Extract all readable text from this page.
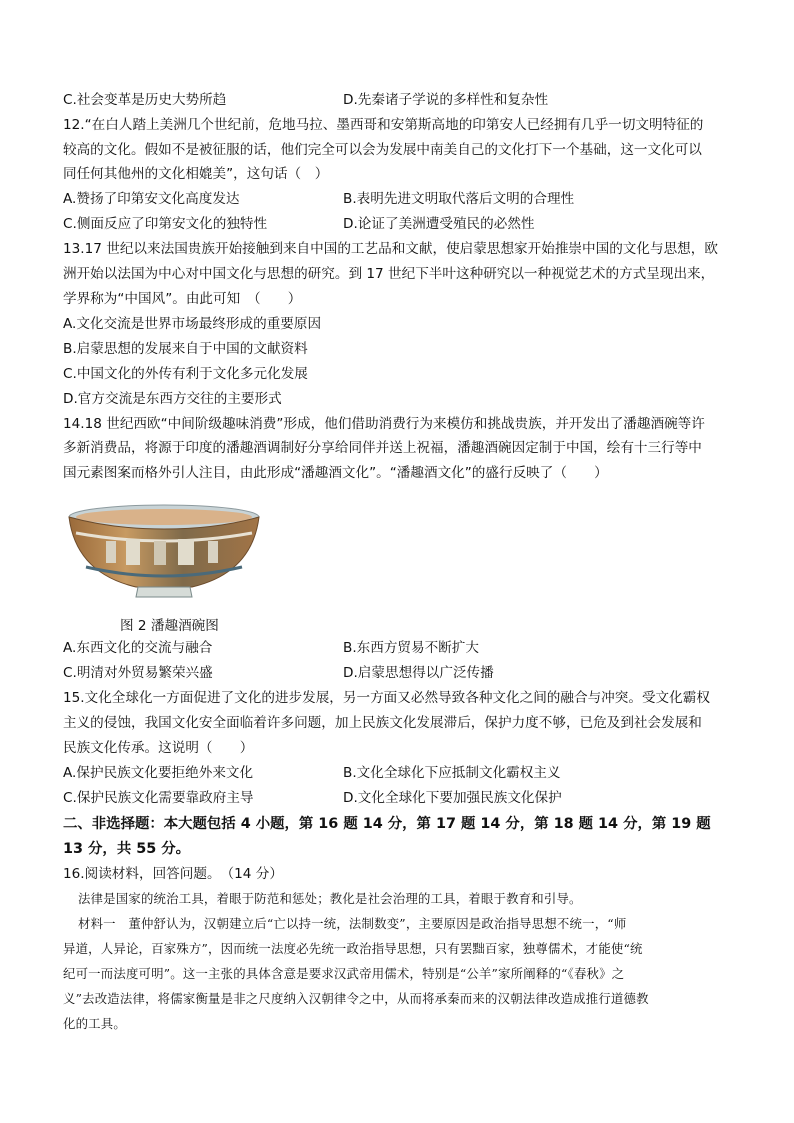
C.社会变革是历史大势所趋	D.先秦诸子学说的多样性和复杂性
12.“在白人踏上美洲几个世纪前，危地马拉、墨西哥和安第斯高地的印第安人已经拥有几乎一切文明特征的
较高的文化。假如不是被征服的话，他们完全可以会为发展中南美自己的文化打下一个基础，这一文化可以
同任何其他州的文化相媲美”，这句话（　）
A.赞扬了印第安文化高度发达	B.表明先进文明取代落后文明的合理性
C.侧面反应了印第安文化的独特性	D.论证了美洲遭受殖民的必然性
13.17 世纪以来法国贵族开始接触到来自中国的工艺品和文献，使启蒙思想家开始推崇中国的文化与思想，欧
洲开始以法国为中心对中国文化与思想的研究。到 17 世纪下半叶这种研究以一种视觉艺术的方式呈现出来，
学界称为“中国风”。由此可知　（　　）
A.文化交流是世界市场最终形成的重要原因
B.启蒙思想的发展来自于中国的文献资料
C.中国文化的外传有利于文化多元化发展
D.官方交流是东西方交往的主要形式
14.18 世纪西欧“中间阶级趣味消费”形成，他们借助消费行为来模仿和挑战贵族，并开发出了潘趣酒碗等许
多新消费品，将源于印度的潘趣酒调制好分享给同伴并送上祝福，潘趣酒碗因定制于中国，绘有十三行等中
国元素图案而格外引人注目，由此形成“潘趣酒文化”。“潘趣酒文化”的盛行反映了（　　）
图 2 潘趣酒碗图
A.东西文化的交流与融合	B.东西方贸易不断扩大
C.明清对外贸易繁荣兴盛	D.启蒙思想得以广泛传播
15.文化全球化一方面促进了文化的进步发展，另一方面又必然导致各种文化之间的融合与冲突。受文化霸权
主义的侵蚀，我国文化安全面临着许多问题，加上民族文化发展滞后，保护力度不够，已危及到社会发展和
民族文化传承。这说明（　　）
A.保护民族文化要拒绝外来文化	B.文化全球化下应抵制文化霸权主义
C.保护民族文化需要靠政府主导	D.文化全球化下要加强民族文化保护
二、非选择题：本大题包括 4 小题，第 16 题 14 分，第 17 题 14 分，第 18 题 14 分，第 19 题
13 分，共 55 分。
16.阅读材料，回答问题。　（14 分）
法律是国家的统治工具，着眼于防范和惩处；教化是社会治理的工具，着眼于教育和引导。
材料一　董仲舒认为，汉朝建立后“亡以持一统，法制数变”，主要原因是政治指导思想不统一，“师
异道，人异论，百家殊方”，因而统一法度必先统一政治指导思想，只有罢黜百家，独尊儒术，才能使“统
纪可一而法度可明”。这一主张的具体含意是要求汉武帝用儒术，特别是“公羊”家所阐释的“《春秋》之
义”去改造法律，将儒家衡量是非之尺度纳入汉朝律令之中，从而将承秦而来的汉朝法律改造成推行道德教
化的工具。
